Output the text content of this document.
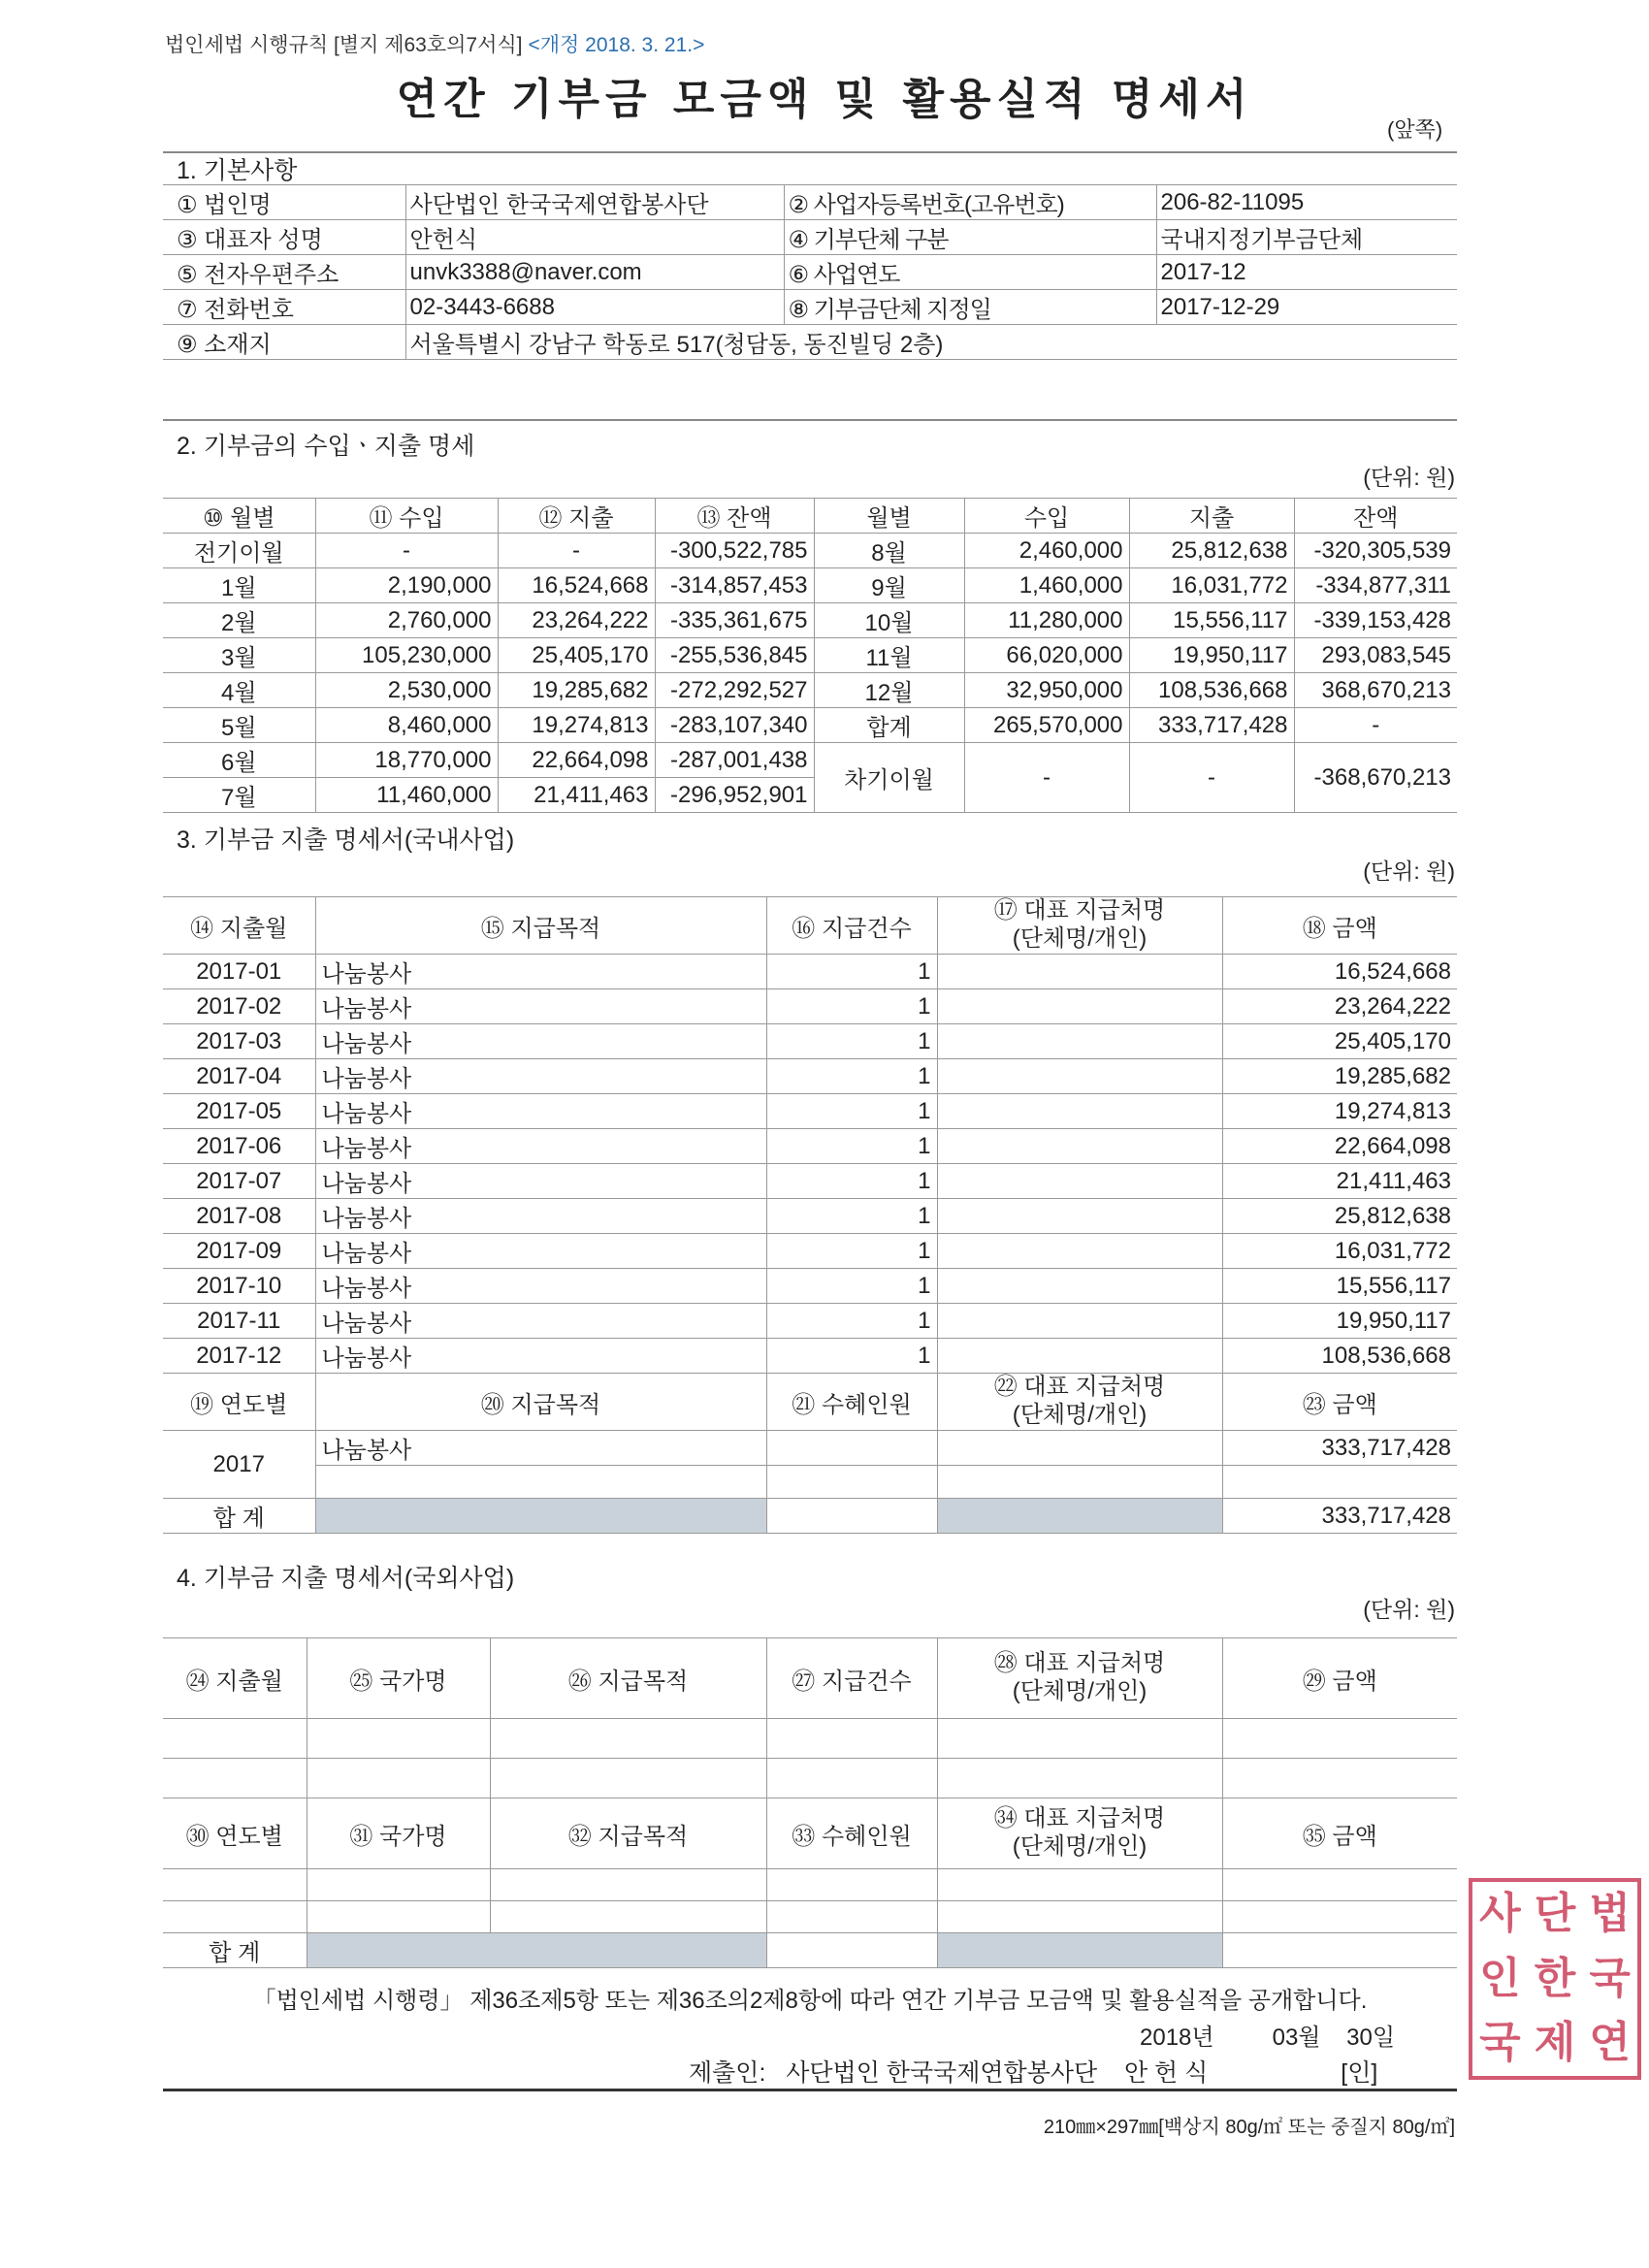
법인세법 시행규칙 [별지 제63호의7서식] <개정 2018. 3. 21.>
연간 기부금 모금액 및 활용실적 명세서
(앞쪽)
1. 기본사항
① 법인명	사단법인 한국국제연합봉사단	② 사업자등록번호(고유번호)	206-82-11095
③ 대표자 성명	안헌식	④ 기부단체 구분	국내지정기부금단체
⑤ 전자우편주소	unvk3388@naver.com	⑥ 사업연도	2017-12
⑦ 전화번호	02-3443-6688	⑧ 기부금단체 지정일	2017-12-29
⑨ 소재지	서울특별시 강남구 학동로 517(청담동, 동진빌딩 2층)		
2. 기부금의 수입ㆍ지출 명세
(단위: 원)
⑩ 월별	⑪ 수입	⑫ 지출	⑬ 잔액	월별	수입	지출	잔액
전기이월	-	-	-300,522,785	8월	2,460,000	25,812,638	-320,305,539
1월	2,190,000	16,524,668	-314,857,453	9월	1,460,000	16,031,772	-334,877,311
2월	2,760,000	23,264,222	-335,361,675	10월	11,280,000	15,556,117	-339,153,428
3월	105,230,000	25,405,170	-255,536,845	11월	66,020,000	19,950,117	293,083,545
4월	2,530,000	19,285,682	-272,292,527	12월	32,950,000	108,536,668	368,670,213
5월	8,460,000	19,274,813	-283,107,340	합계	265,570,000	333,717,428	-
6월	18,770,000	22,664,098	-287,001,438	차기이월	-	-	-368,670,213
7월	11,460,000	21,411,463	-296,952,901				
3. 기부금 지출 명세서(국내사업)
(단위: 원)
⑭ 지출월	⑮ 지급목적	⑯ 지급건수	⑰ 대표 지급처명
(단체명/개인)	⑱ 금액
2017-01	나눔봉사	1		16,524,668
2017-02	나눔봉사	1		23,264,222
2017-03	나눔봉사	1		25,405,170
2017-04	나눔봉사	1		19,285,682
2017-05	나눔봉사	1		19,274,813
2017-06	나눔봉사	1		22,664,098
2017-07	나눔봉사	1		21,411,463
2017-08	나눔봉사	1		25,812,638
2017-09	나눔봉사	1		16,031,772
2017-10	나눔봉사	1		15,556,117
2017-11	나눔봉사	1		19,950,117
2017-12	나눔봉사	1		108,536,668
⑲ 연도별	⑳ 지급목적	㉑ 수혜인원	㉒ 대표 지급처명
(단체명/개인)	㉓ 금액
2017	나눔봉사			333,717,428

합 계				333,717,428
4. 기부금 지출 명세서(국외사업)
(단위: 원)
㉔ 지출월	㉕ 국가명	㉖ 지급목적	㉗ 지급건수	㉘ 대표 지급처명
(단체명/개인)	㉙ 금액

㉚ 연도별	㉛ 국가명	㉜ 지급목적	㉝ 수혜인원	㉞ 대표 지급처명
(단체명/개인)	㉟ 금액

합 계					
「법인세법 시행령」 제36조제5항 또는 제36조의2제8항에 따라 연간 기부금 모금액 및 활용실적을 공개합니다.
2018년	03월 30일
제출인: 사단법인 한국국제연합봉사단 안 헌 식	[인]
210㎜×297㎜[백상지 80g/㎡ 또는 중질지 80g/㎡]
사 단 법
인 한 국
국 제 연
